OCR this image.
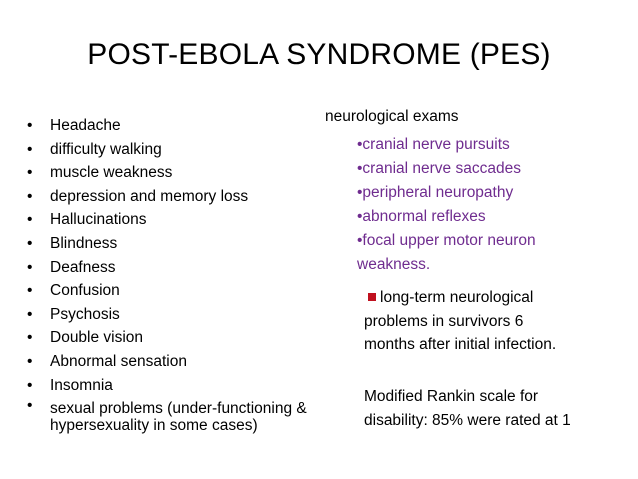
POST-EBOLA SYNDROME (PES)
• Headache
• difficulty walking
• muscle weakness
• depression and memory loss
• Hallucinations
• Blindness
• Deafness
• Confusion
• Psychosis
• Double vision
• Abnormal sensation
• Insomnia
• sexual problems (under-functioning &
hypersexuality in some cases)
neurological exams
•cranial nerve pursuits
•cranial nerve saccades
•peripheral neuropathy
•abnormal reflexes
•focal upper motor neuron
weakness.
long-term neurological
problems in survivors 6
months after initial infection.
Modified Rankin scale for
disability: 85% were rated at 1
